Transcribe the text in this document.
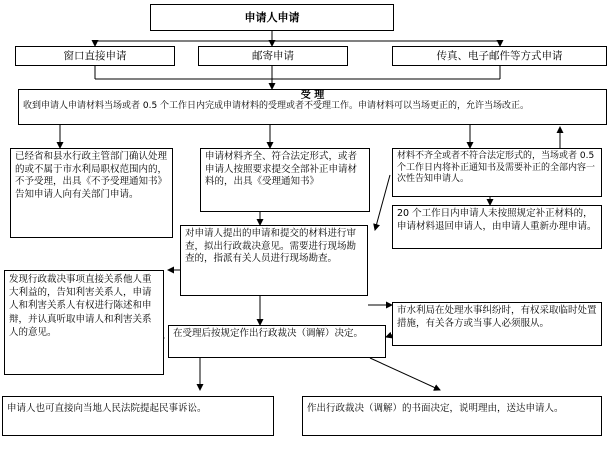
申请人申请
窗口直接申请	邮寄申请	传真、电子邮件等方式申请
受 理
收到申请人申请材料当场或者 0.5 个工作日内完成申请材料的受理或者不受理工作。申请材料可以当场更正的，允许当场改正。
已经省和县水行政主管部门确认处理的或不属于市水利局职权范围内的，不予受理，出具《不予受理通知书》告知申请人向有关部门申请。
申请材料齐全、符合法定形式，或者申请人按照要求提交全部补正申请材料的，出具《受理通知书》
材料不齐全或者不符合法定形式的，当场或者 0.5 个工作日内将补正通知书及需要补正的全部内容一次性告知申请人。
20 个工作日内申请人未按照规定补正材料的，申请材料退回申请人，由申请人重新办理申请。
对申请人提出的申请和提交的材料进行审查，拟出行政裁决意见。需要进行现场勘查的，指派有关人员进行现场勘查。
发现行政裁决事项直接关系他人重大利益的，告知利害关系人，申请人和利害关系人有权进行陈述和申辩，并认真听取申请人和利害关系人的意见。
市水利局在处理水事纠纷时，有权采取临时处置措施，有关各方或当事人必须服从。
在受理后按规定作出行政裁决（调解）决定。
申请人也可直接向当地人民法院提起民事诉讼。	作出行政裁决（调解）的书面决定，说明理由，送达申请人。
